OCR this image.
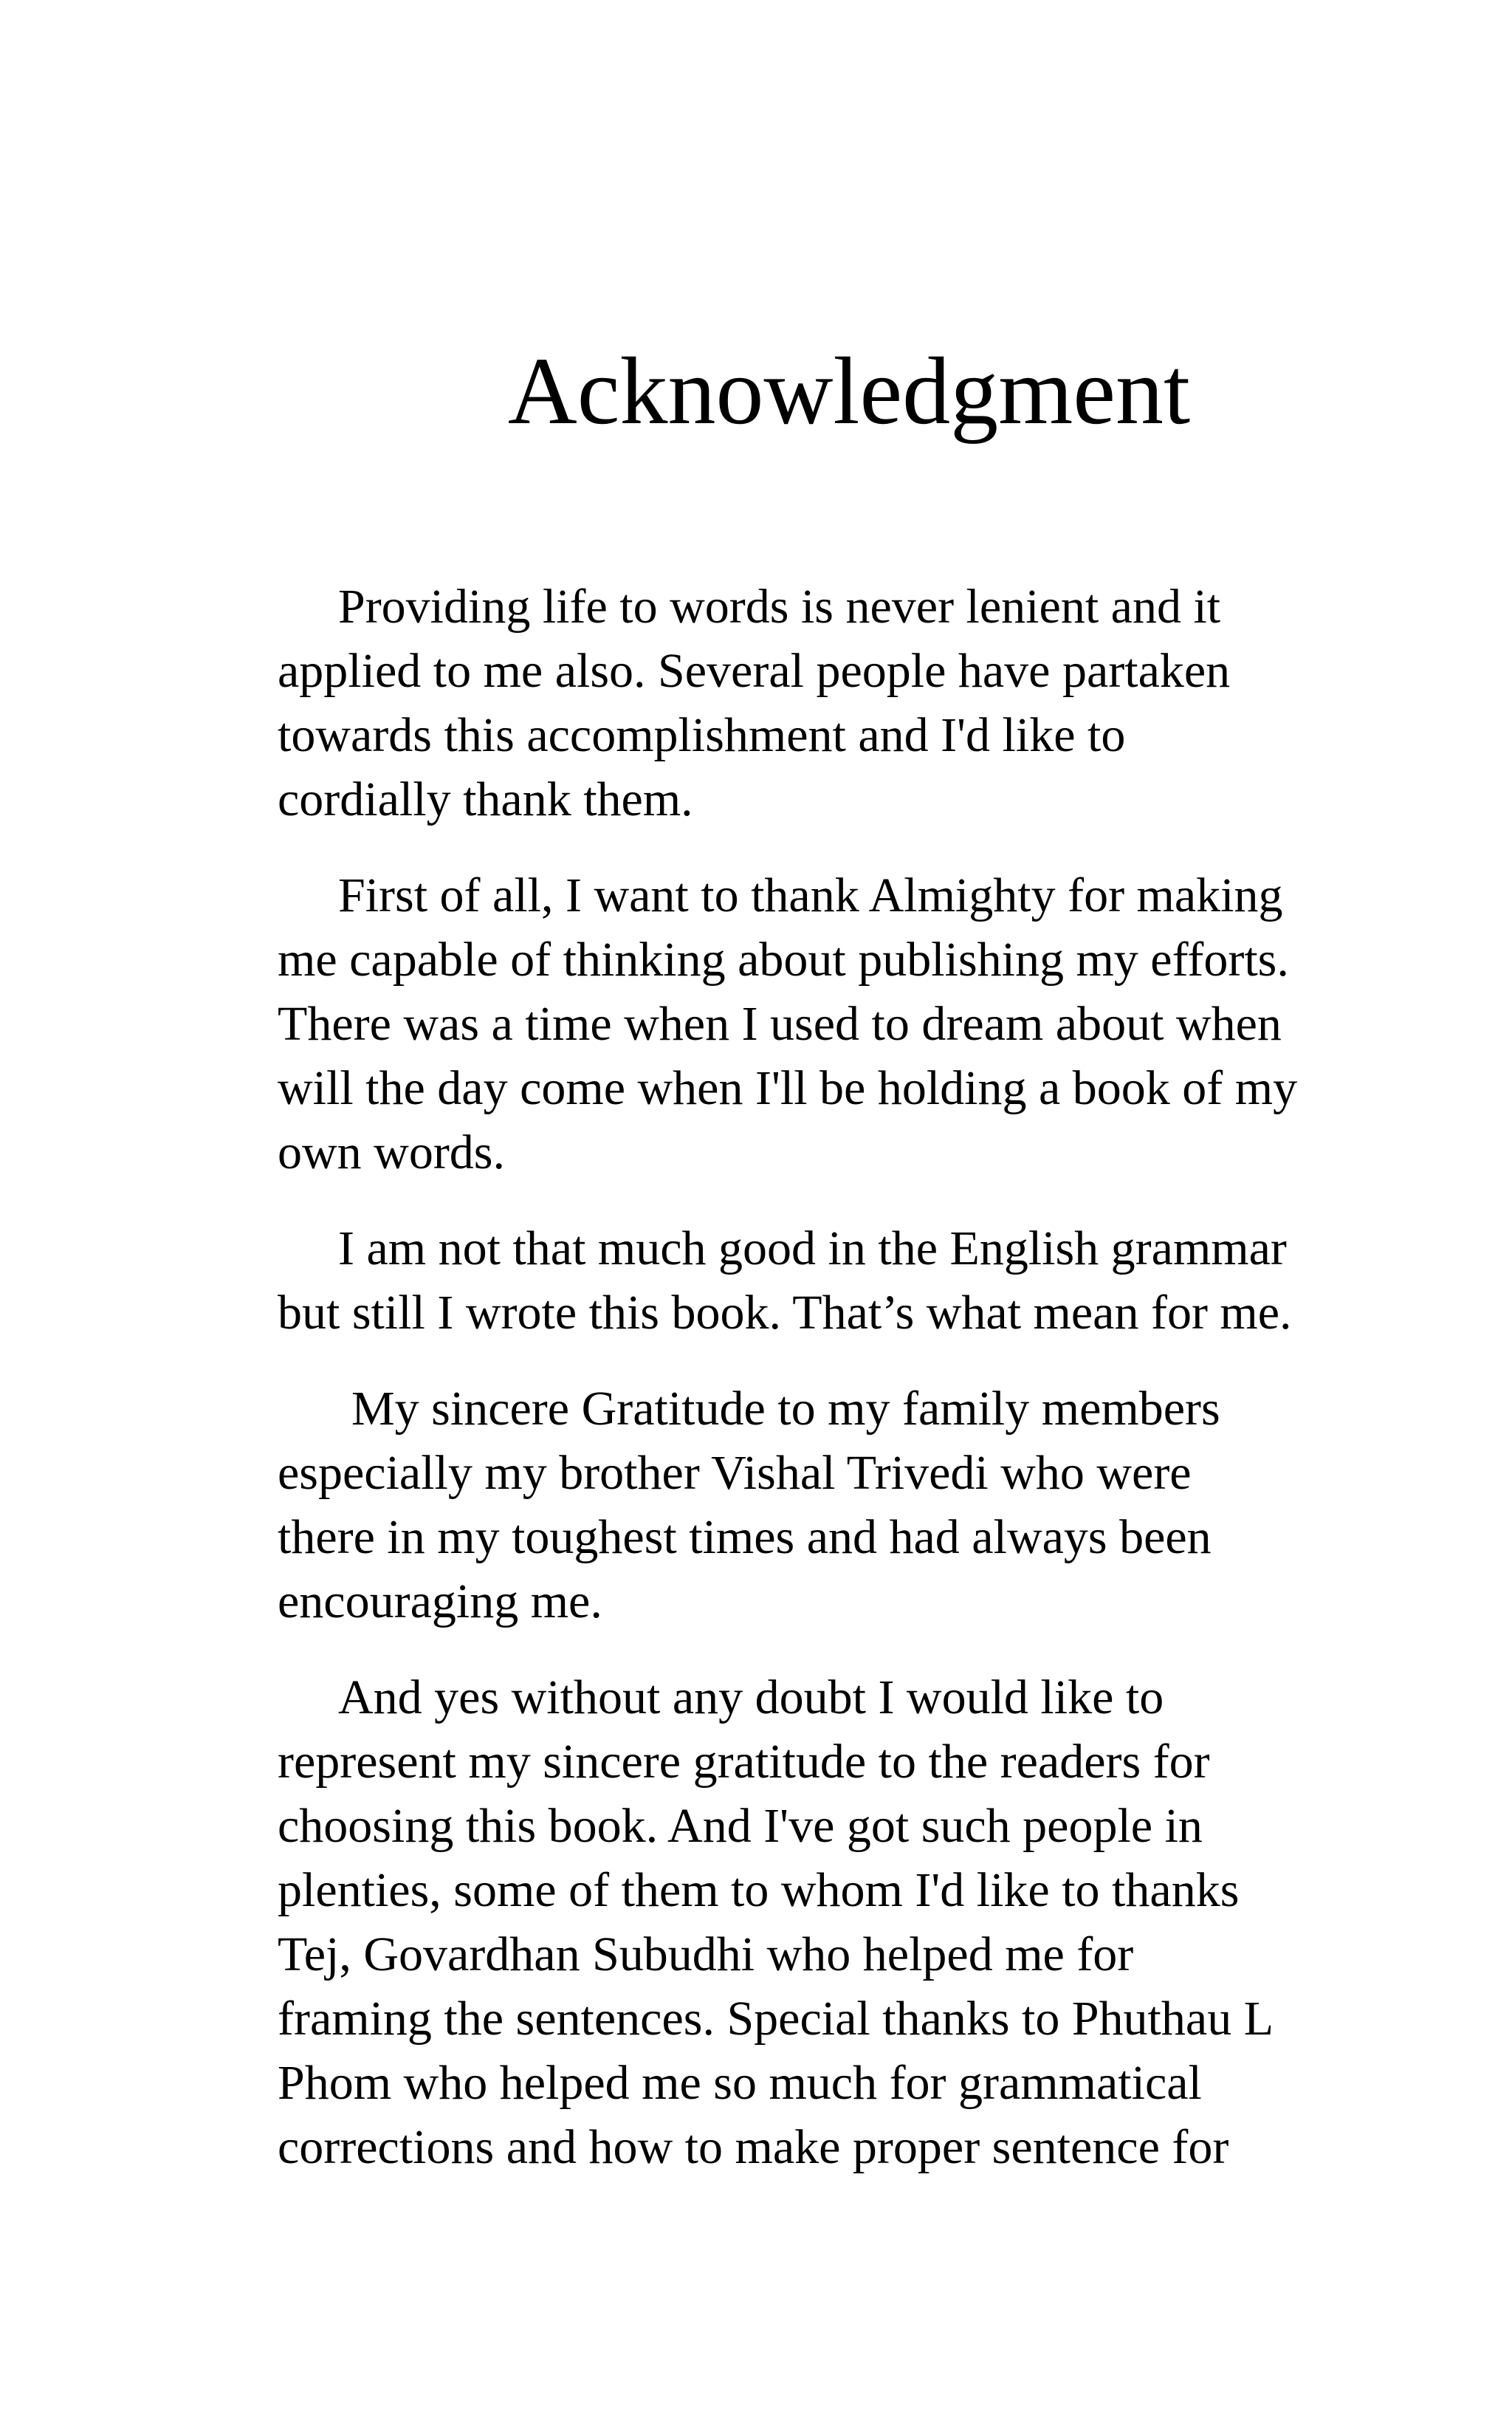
Acknowledgment

Providing life to words is never lenient and it
applied to me also. Several people have partaken
towards this accomplishment and I'd like to
cordially thank them.

First of all, I want to thank Almighty for making
me capable of thinking about publishing my efforts.
There was a time when I used to dream about when
will the day come when I'll be holding a book of my
own words.

I am not that much good in the English grammar
but still I wrote this book. That’s what mean for me.

My sincere Gratitude to my family members
especially my brother Vishal Trivedi who were
there in my toughest times and had always been
encouraging me.

And yes without any doubt I would like to
represent my sincere gratitude to the readers for
choosing this book. And I've got such people in
plenties, some of them to whom I'd like to thanks
Tej, Govardhan Subudhi who helped me for
framing the sentences. Special thanks to Phuthau L
Phom who helped me so much for grammatical
corrections and how to make proper sentence for
